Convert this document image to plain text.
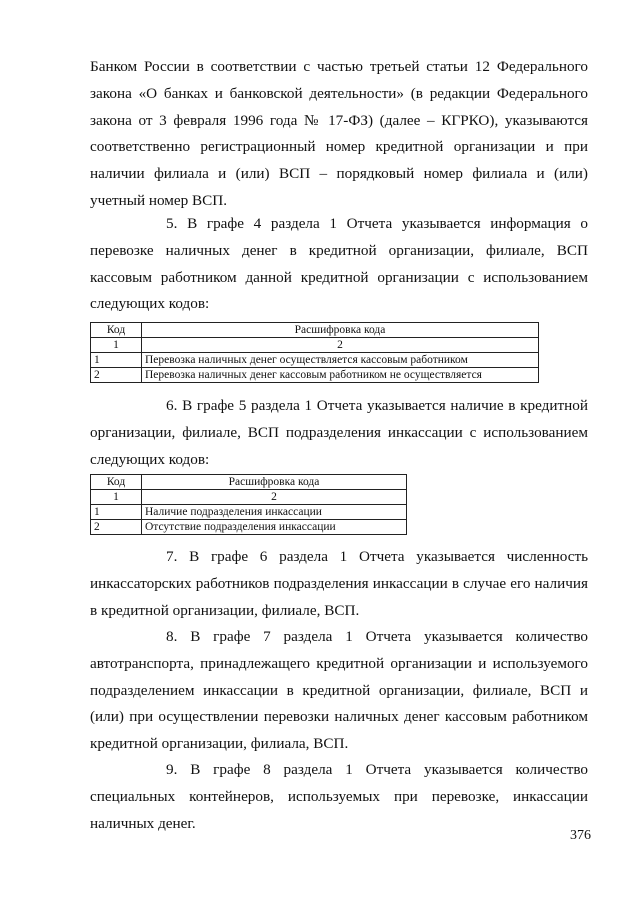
Банком России в соответствии с частью третьей статьи 12 Федерального закона «О банках и банковской деятельности» (в редакции Федерального закона от 3 февраля 1996 года № 17-ФЗ) (далее – КГРКО), указываются соответственно регистрационный номер кредитной организации и при наличии филиала и (или) ВСП – порядковый номер филиала и (или) учетный номер ВСП.

5. В графе 4 раздела 1 Отчета указывается информация о перевозке наличных денег в кредитной организации, филиале, ВСП кассовым работником данной кредитной организации с использованием следующих кодов:

Код	Расшифровка кода
1	2
1	Перевозка наличных денег осуществляется кассовым работником
2	Перевозка наличных денег кассовым работником не осуществляется

6. В графе 5 раздела 1 Отчета указывается наличие в кредитной организации, филиале, ВСП подразделения инкассации с использованием следующих кодов:

Код	Расшифровка кода
1	2
1	Наличие подразделения инкассации
2	Отсутствие подразделения инкассации

7. В графе 6 раздела 1 Отчета указывается численность инкассаторских работников подразделения инкассации в случае его наличия в кредитной организации, филиале, ВСП.

8. В графе 7 раздела 1 Отчета указывается количество автотранспорта, принадлежащего кредитной организации и используемого подразделением инкассации в кредитной организации, филиале, ВСП и (или) при осуществлении перевозки наличных денег кассовым работником кредитной организации, филиала, ВСП.

9. В графе 8 раздела 1 Отчета указывается количество специальных контейнеров, используемых при перевозке, инкассации наличных денег.

376
